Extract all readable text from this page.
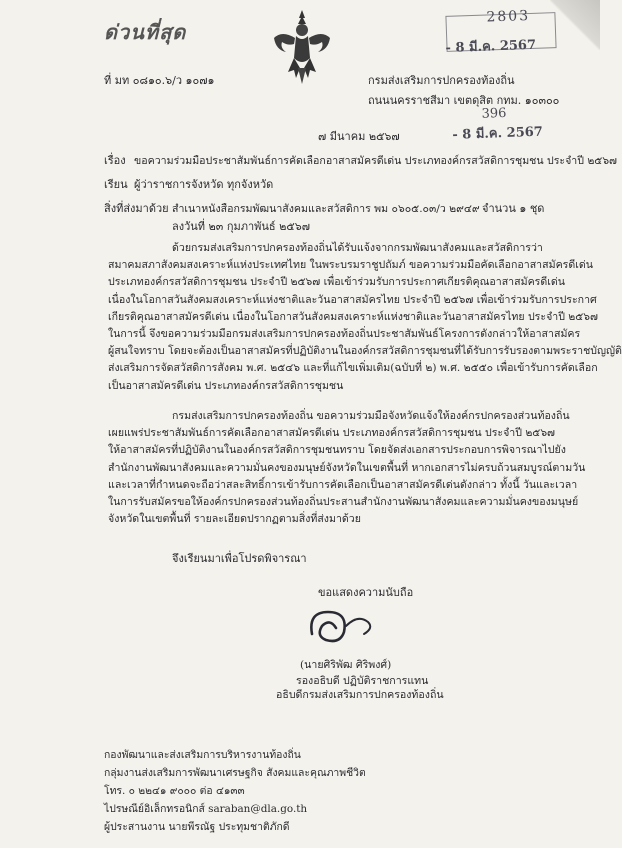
ด่วนที่สุด
ที่ มท ๐๘๑๐.๖/ว ๑๐๗๑	กรมส่งเสริมการปกครองท้องถิ่น
ถนนนครราชสีมา เขตดุสิต กทม. ๑๐๓๐๐
2803
- 8 มี.ค. 2567
396
- 8 มี.ค. 2567
๗ มีนาคม ๒๕๖๗
เรื่อง ขอความร่วมมือประชาสัมพันธ์การคัดเลือกอาสาสมัครดีเด่น ประเภทองค์กรสวัสดิการชุมชน ประจำปี ๒๕๖๗
เรียน ผู้ว่าราชการจังหวัด ทุกจังหวัด
สิ่งที่ส่งมาด้วย สำเนาหนังสือกรมพัฒนาสังคมและสวัสดิการ พม ๐๖๐๕.๐๓/ว ๒๙๔๙ จำนวน ๑ ชุด
ลงวันที่ ๒๓ กุมภาพันธ์ ๒๕๖๗
ด้วยกรมส่งเสริมการปกครองท้องถิ่นได้รับแจ้งจากกรมพัฒนาสังคมและสวัสดิการว่า
สมาคมสภาสังคมสงเคราะห์แห่งประเทศไทย ในพระบรมราชูปถัมภ์ ขอความร่วมมือคัดเลือกอาสาสมัครดีเด่น
ประเภทองค์กรสวัสดิการชุมชน ประจำปี ๒๕๖๗ เพื่อเข้าร่วมรับการประกาศเกียรติคุณอาสาสมัครดีเด่น
เนื่องในโอกาสวันสังคมสงเคราะห์แห่งชาติและวันอาสาสมัครไทย ประจำปี ๒๕๖๗ เพื่อเข้าร่วมรับการประกาศ
เกียรติคุณอาสาสมัครดีเด่น เนื่องในโอกาสวันสังคมสงเคราะห์แห่งชาติและวันอาสาสมัครไทย ประจำปี ๒๕๖๗
ในการนี้ จึงขอความร่วมมือกรมส่งเสริมการปกครองท้องถิ่นประชาสัมพันธ์โครงการดังกล่าวให้อาสาสมัคร
ผู้สนใจทราบ โดยจะต้องเป็นอาสาสมัครที่ปฏิบัติงานในองค์กรสวัสดิการชุมชนที่ได้รับการรับรองตามพระราชบัญญัติ
ส่งเสริมการจัดสวัสดิการสังคม พ.ศ. ๒๕๔๖ และที่แก้ไขเพิ่มเติม(ฉบับที่ ๒) พ.ศ. ๒๕๕๐ เพื่อเข้ารับการคัดเลือก
เป็นอาสาสมัครดีเด่น ประเภทองค์กรสวัสดิการชุมชน
กรมส่งเสริมการปกครองท้องถิ่น ขอความร่วมมือจังหวัดแจ้งให้องค์กรปกครองส่วนท้องถิ่น
เผยแพร่ประชาสัมพันธ์การคัดเลือกอาสาสมัครดีเด่น ประเภทองค์กรสวัสดิการชุมชน ประจำปี ๒๕๖๗
ให้อาสาสมัครที่ปฏิบัติงานในองค์กรสวัสดิการชุมชนทราบ โดยจัดส่งเอกสารประกอบการพิจารณาไปยัง
สำนักงานพัฒนาสังคมและความมั่นคงของมนุษย์จังหวัดในเขตพื้นที่ หากเอกสารไม่ครบถ้วนสมบูรณ์ตามวัน
และเวลาที่กำหนดจะถือว่าสละสิทธิ์การเข้ารับการคัดเลือกเป็นอาสาสมัครดีเด่นดังกล่าว ทั้งนี้ วันและเวลา
ในการรับสมัครขอให้องค์กรปกครองส่วนท้องถิ่นประสานสำนักงานพัฒนาสังคมและความมั่นคงของมนุษย์
จังหวัดในเขตพื้นที่ รายละเอียดปรากฏตามสิ่งที่ส่งมาด้วย
จึงเรียนมาเพื่อโปรดพิจารณา
ขอแสดงความนับถือ
(นายศิริพัฒ ศิริพงศ์)
รองอธิบดี ปฏิบัติราชการแทน
อธิบดีกรมส่งเสริมการปกครองท้องถิ่น
กองพัฒนาและส่งเสริมการบริหารงานท้องถิ่น
กลุ่มงานส่งเสริมการพัฒนาเศรษฐกิจ สังคมและคุณภาพชีวิต
โทร. ๐ ๒๒๔๑ ๙๐๐๐ ต่อ ๔๑๓๓
ไปรษณีย์อิเล็กทรอนิกส์ saraban@dla.go.th
ผู้ประสานงาน นายพีรณัฐ ประทุมชาติภักดี
